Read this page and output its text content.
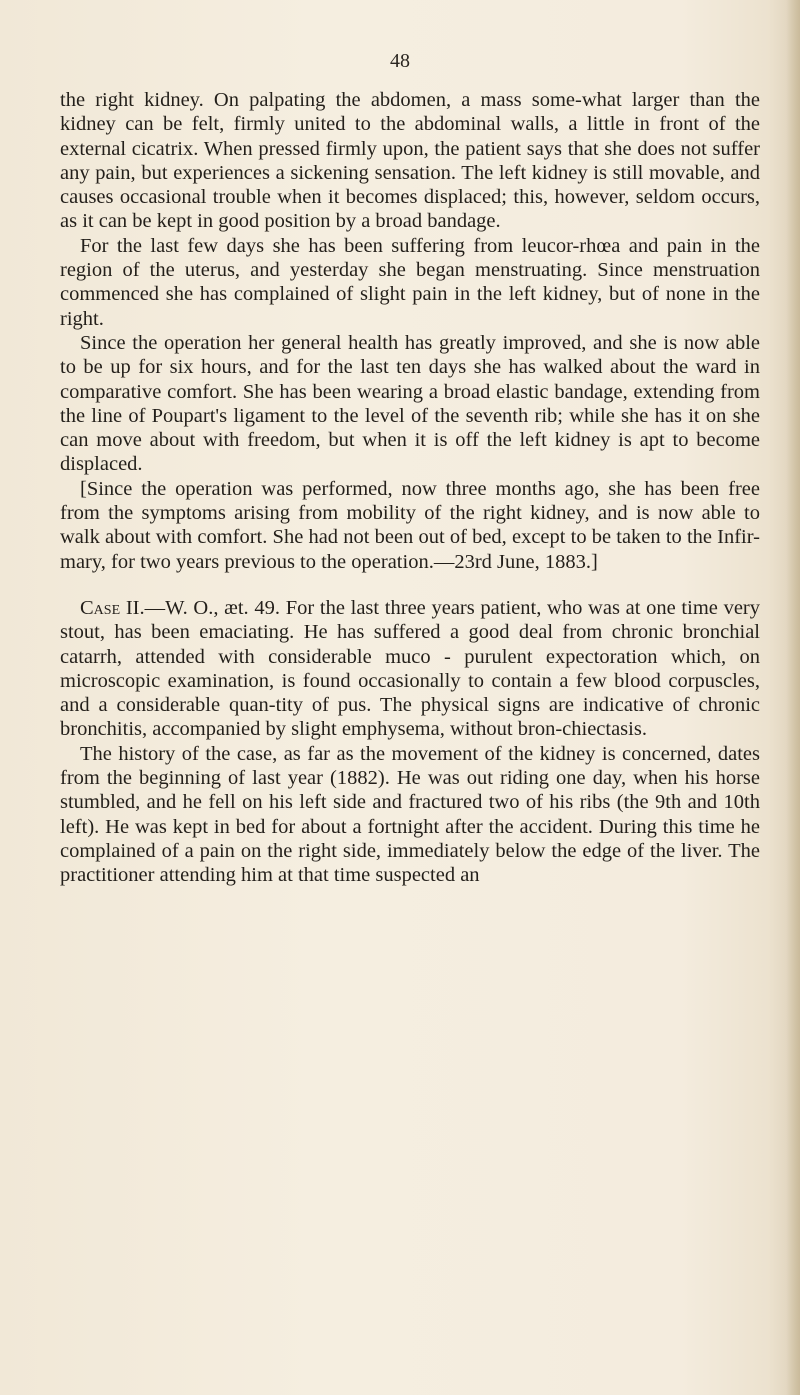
48

the right kidney. On palpating the abdomen, a mass some-what larger than the kidney can be felt, firmly united to the abdominal walls, a little in front of the external cicatrix. When pressed firmly upon, the patient says that she does not suffer any pain, but experiences a sickening sensation. The left kidney is still movable, and causes occasional trouble when it becomes displaced; this, however, seldom occurs, as it can be kept in good position by a broad bandage.

For the last few days she has been suffering from leucor-rhœa and pain in the region of the uterus, and yesterday she began menstruating. Since menstruation commenced she has complained of slight pain in the left kidney, but of none in the right.

Since the operation her general health has greatly improved, and she is now able to be up for six hours, and for the last ten days she has walked about the ward in comparative comfort. She has been wearing a broad elastic bandage, extending from the line of Poupart's ligament to the level of the seventh rib; while she has it on she can move about with freedom, but when it is off the left kidney is apt to become displaced.

[Since the operation was performed, now three months ago, she has been free from the symptoms arising from mobility of the right kidney, and is now able to walk about with comfort. She had not been out of bed, except to be taken to the Infir-mary, for two years previous to the operation.—23rd June, 1883.]

Case II.—W. O., æt. 49. For the last three years patient, who was at one time very stout, has been emaciating. He has suffered a good deal from chronic bronchial catarrh, attended with considerable muco - purulent expectoration which, on microscopic examination, is found occasionally to contain a few blood corpuscles, and a considerable quan-tity of pus. The physical signs are indicative of chronic bronchitis, accompanied by slight emphysema, without bron-chiectasis.

The history of the case, as far as the movement of the kidney is concerned, dates from the beginning of last year (1882). He was out riding one day, when his horse stumbled, and he fell on his left side and fractured two of his ribs (the 9th and 10th left). He was kept in bed for about a fortnight after the accident. During this time he complained of a pain on the right side, immediately below the edge of the liver. The practitioner attending him at that time suspected an
